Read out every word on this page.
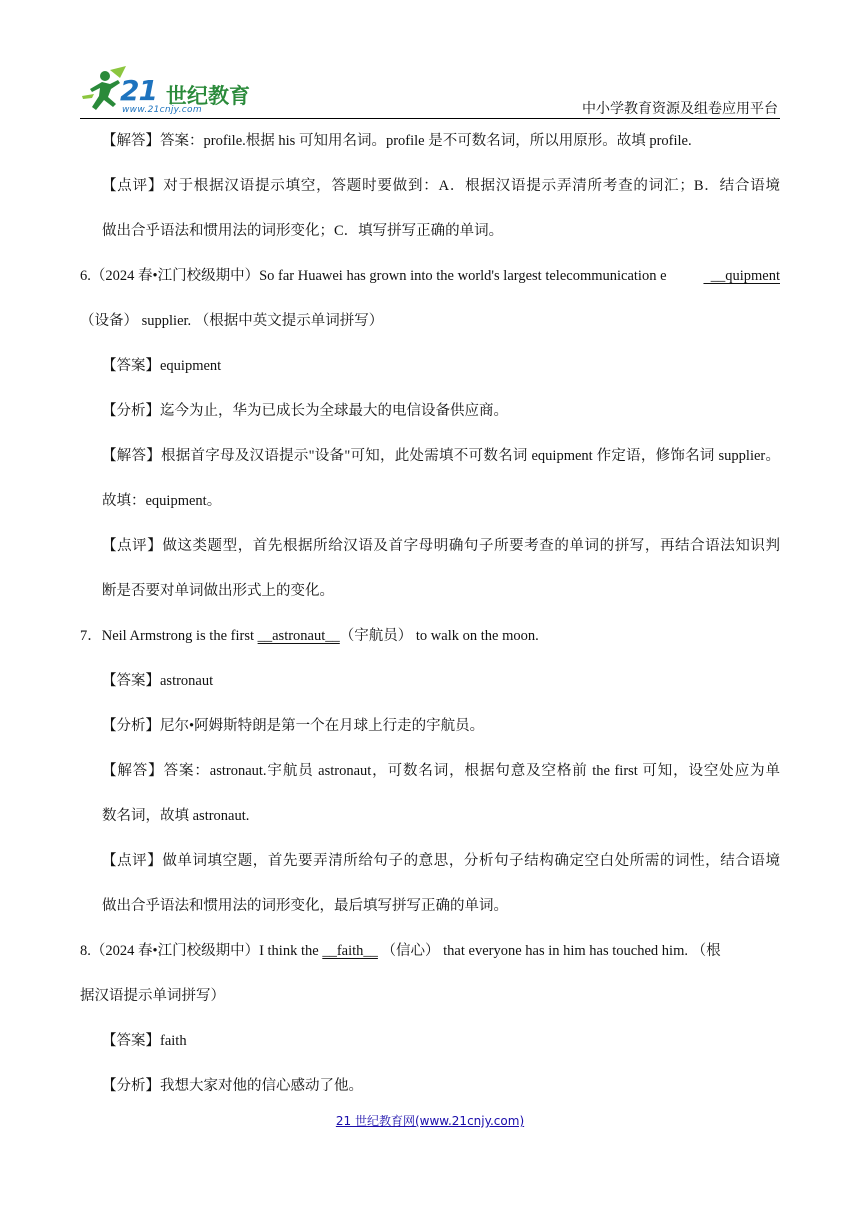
21 世纪教育
www.21cnjy.com	中小学教育资源及组卷应用平台
【解答】答案：profile.根据 his 可知用名词。profile 是不可数名词，所以用原形。故填 profile.
【点评】对于根据汉语提示填空，答题时要做到：A．根据汉语提示弄清所考查的词汇；B．结合语境
做出合乎语法和惯用法的词形变化；C．填写拼写正确的单词。
6.（2024 春•江门校级期中）So far Huawei has grown into the world's largest telecommunication e	__quipment
（设备） supplier. （根据中英文提示单词拼写）
【答案】equipment
【分析】迄今为止，华为已成长为全球最大的电信设备供应商。
【解答】根据首字母及汉语提示"设备"可知，此处需填不可数名词 equipment 作定语，修饰名词 supplier。
故填：equipment。
【点评】做这类题型，首先根据所给汉语及首字母明确句子所要考查的单词的拼写，再结合语法知识判
断是否要对单词做出形式上的变化。
7．Neil Armstrong is the first __astronaut__（宇航员） to walk on the moon.
【答案】astronaut
【分析】尼尔•阿姆斯特朗是第一个在月球上行走的宇航员。
【解答】答案：astronaut.宇航员 astronaut，可数名词，根据句意及空格前 the first 可知，设空处应为单
数名词，故填 astronaut.
【点评】做单词填空题，首先要弄清所给句子的意思，分析句子结构确定空白处所需的词性，结合语境
做出合乎语法和惯用法的词形变化，最后填写拼写正确的单词。
8.（2024 春•江门校级期中）I think the __faith__ （信心） that everyone has in him has touched him. （根
据汉语提示单词拼写）
【答案】faith
【分析】我想大家对他的信心感动了他。
21 世纪教育网(www.21cnjy.com)
